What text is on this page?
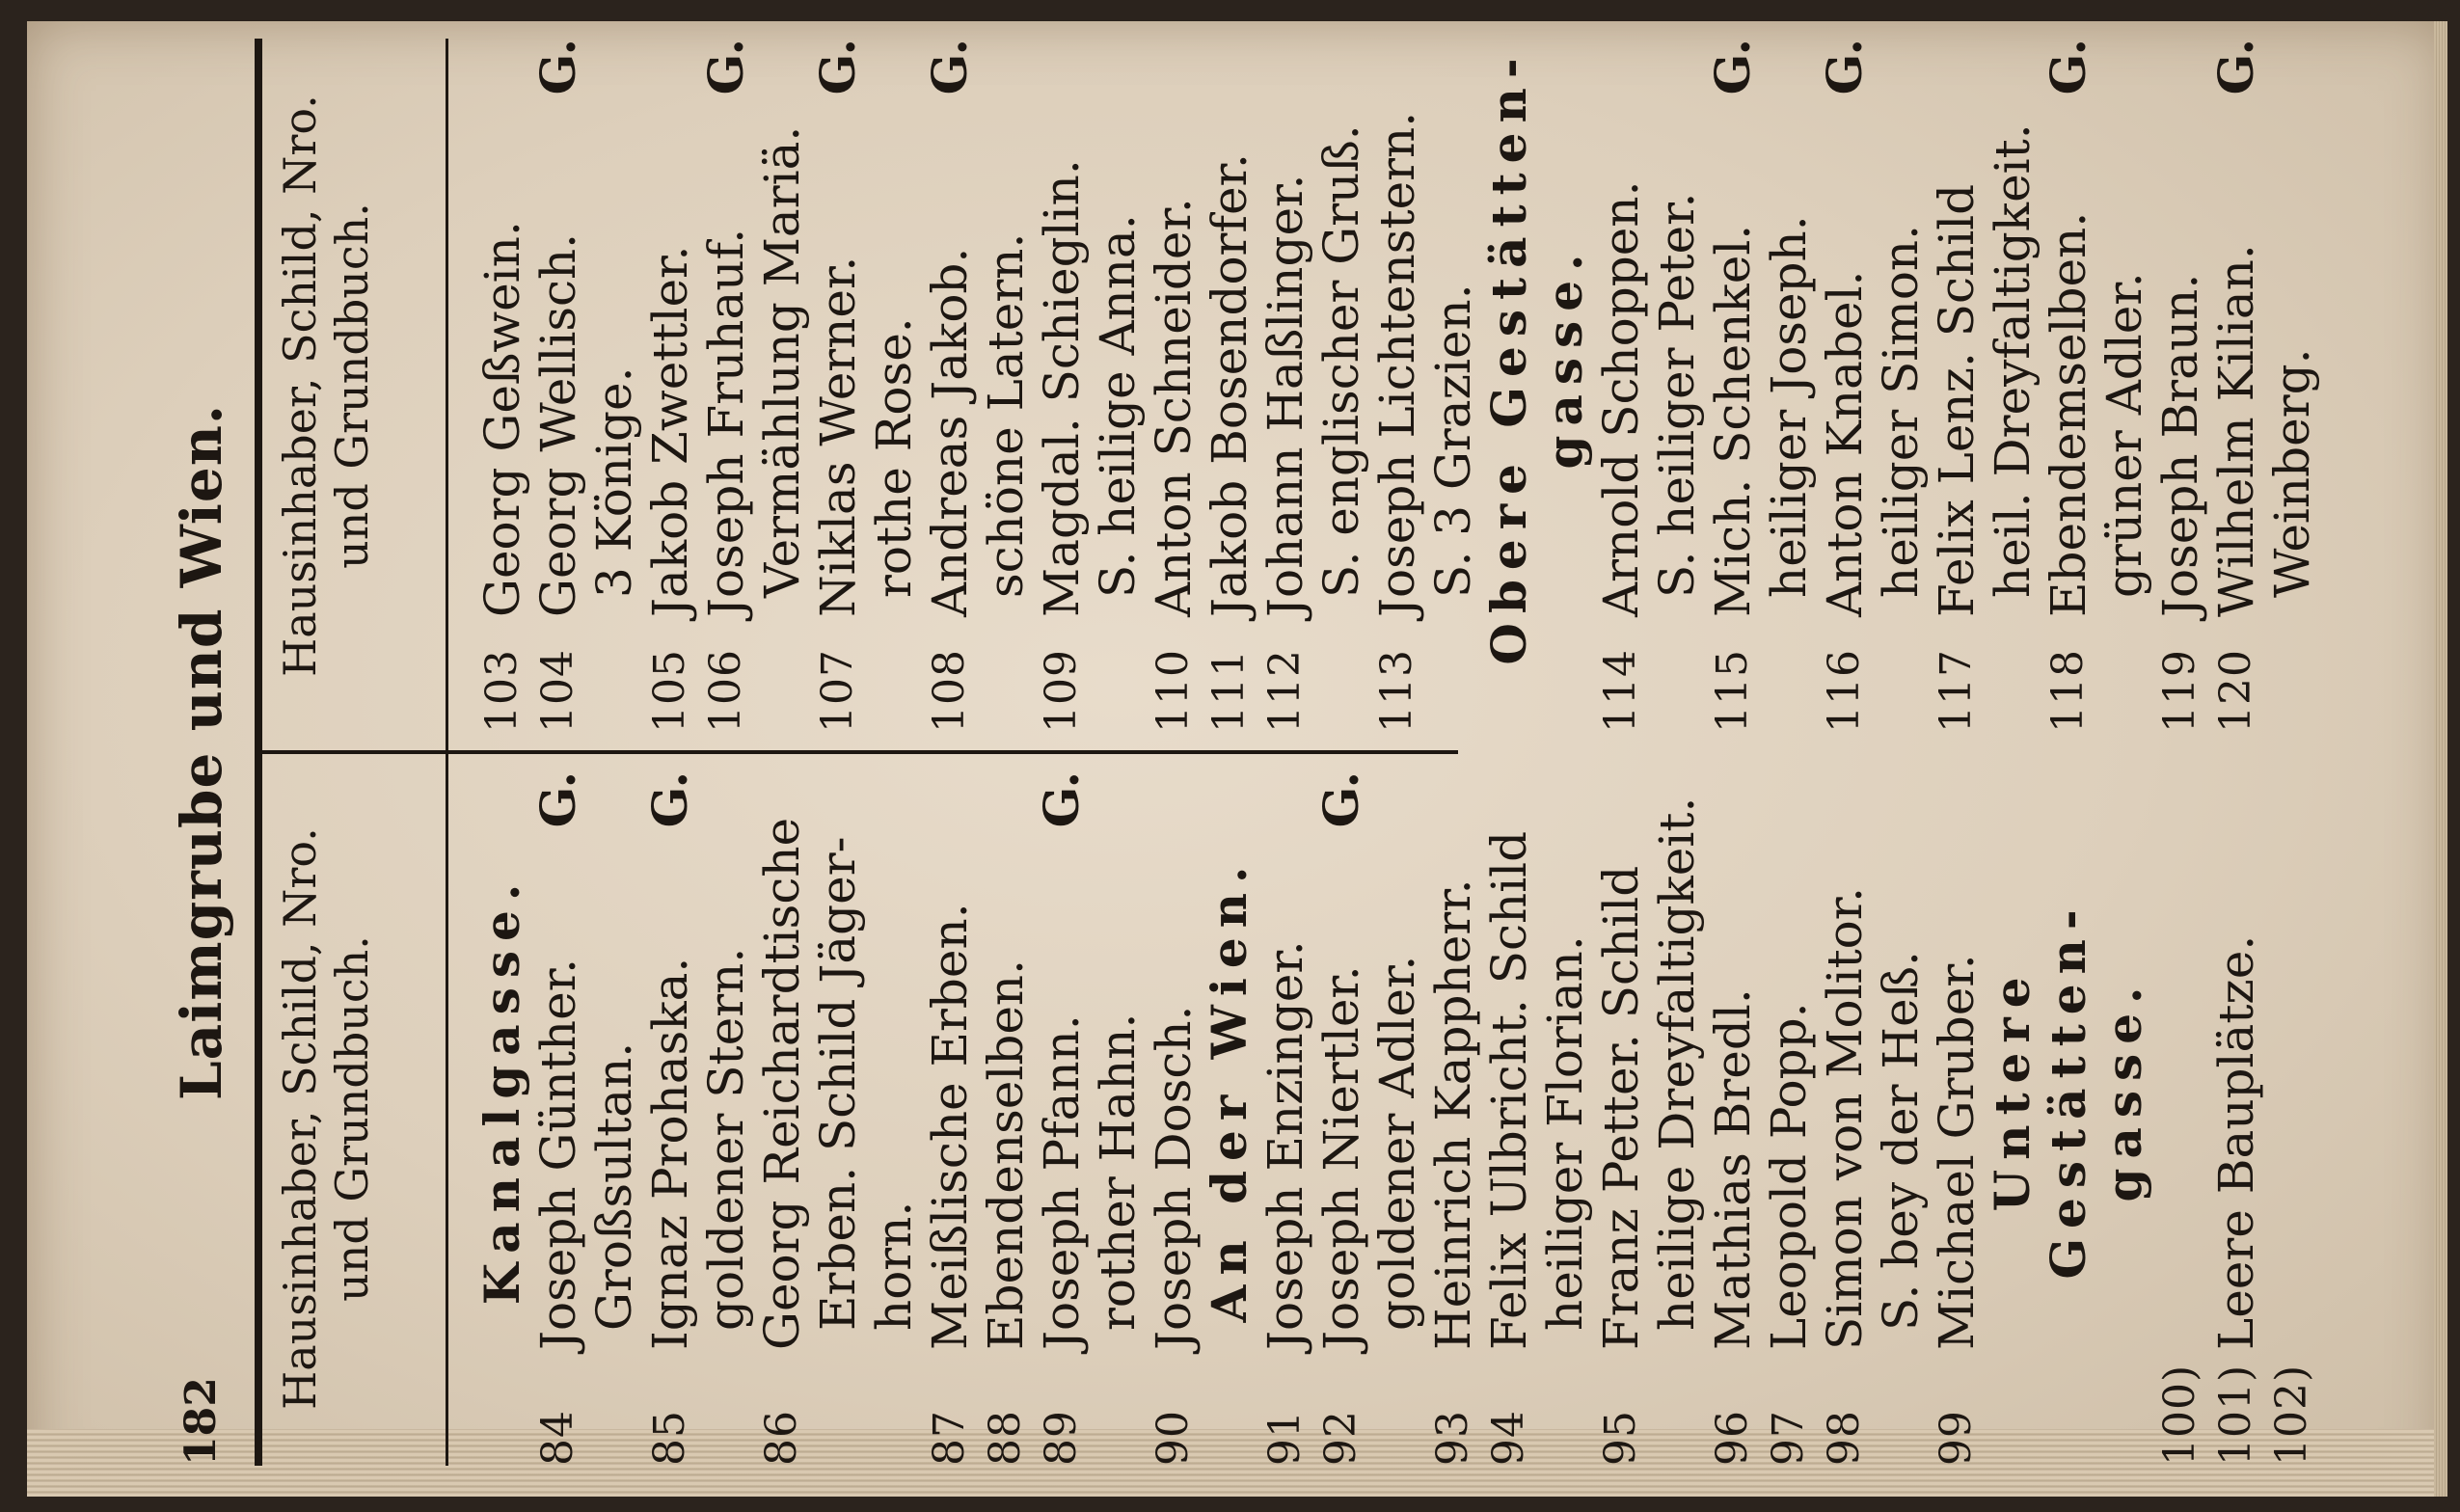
182
Laimgrube und Wien.
Hausinhaber, Schild, Nro. und Grundbuch. Kanalgasse.
84
Joseph Günther.
G.
Großsultan.
85
Ignaz Prohaska.
G.
goldener Stern.
86
Georg Reichardtische Erben. Schild Jäger- horn.
87
Meißlische Erben.
88
Ebendenselben.
89
Joseph Pfann.
G.
rother Hahn.
90
Joseph Dosch. An der Wien.
91
Joseph Enzinger.
92
Joseph Niertler.
G.
goldener Adler.
93
Heinrich Kappherr.
94
Felix Ulbricht. Schild heiliger Florian.
95
Franz Petter. Schild heilige Dreyfaltigkeit.
96
Mathias Bredl.
97
Leopold Popp.
98
Simon von Molitor. S. bey der Heß.
99
Michael Gruber. Untere Gestätten- gasse.
100)
101)
Leere Bauplätze.
102)

Hausinhaber, Schild, Nro. und Grundbuch.
103
Georg Geßwein.
104
Georg Wellisch.
G.
3 Könige.
105
Jakob Zwettler.
106
Joseph Fruhauf.
G.
Vermählung Mariä.
107
Niklas Werner.
G.
rothe Rose.
108
Andreas Jakob.
G.
schöne Latern.
109
Magdal. Schieglin. S. heilige Anna.
110
Anton Schneider.
111
Jakob Bosendorfer.
112
Johann Haßlinger. S. englischer Gruß.
113
Joseph Lichtenstern. S. 3 Grazien. Obere Gestätten- gasse.
114
Arnold Schoppen. S. heiliger Peter.
115
Mich. Schenkel.
G.
heiliger Joseph.
116
Anton Knabel.
G.
heiliger Simon.
117
Felix Lenz. Schild heil. Dreyfaltigkeit.
118
Ebendemselben.
G.
grüner Adler.
119
Joseph Braun.
120
Wilhelm Kilian.
G.
Weinberg.
